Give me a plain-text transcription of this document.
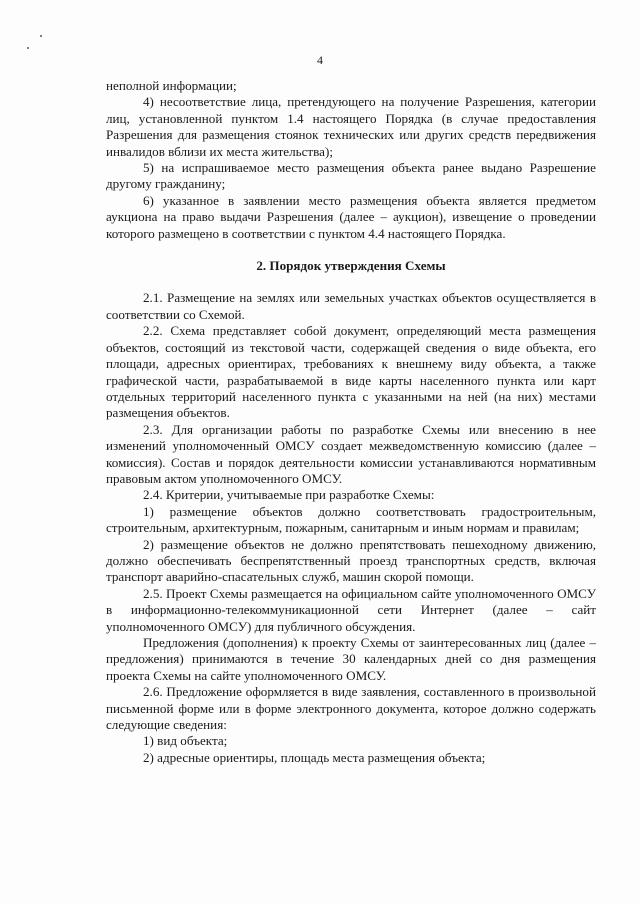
4

неполной информации;

4) несоответствие лица, претендующего на получение Разрешения, категории лиц, установленной пунктом 1.4 настоящего Порядка (в случае предоставления Разрешения для размещения стоянок технических или других средств передвижения инвалидов вблизи их места жительства);

5) на испрашиваемое место размещения объекта ранее выдано Разрешение другому гражданину;

6) указанное в заявлении место размещения объекта является предметом аукциона на право выдачи Разрешения (далее – аукцион), извещение о проведении которого размещено в соответствии с пунктом 4.4 настоящего Порядка.

2. Порядок утверждения Схемы

2.1. Размещение на землях или земельных участках объектов осуществляется в соответствии со Схемой.

2.2. Схема представляет собой документ, определяющий места размещения объектов, состоящий из текстовой части, содержащей сведения о виде объекта, его площади, адресных ориентирах, требованиях к внешнему виду объекта, а также графической части, разрабатываемой в виде карты населенного пункта или карт отдельных территорий населенного пункта с указанными на ней (на них) местами размещения объектов.

2.3. Для организации работы по разработке Схемы или внесению в нее изменений уполномоченный ОМСУ создает межведомственную комиссию (далее – комиссия). Состав и порядок деятельности комиссии устанавливаются нормативным правовым актом уполномоченного ОМСУ.

2.4. Критерии, учитываемые при разработке Схемы:

1) размещение объектов должно соответствовать градостроительным, строительным, архитектурным, пожарным, санитарным и иным нормам и правилам;

2) размещение объектов не должно препятствовать пешеходному движению, должно обеспечивать беспрепятственный проезд транспортных средств, включая транспорт аварийно-спасательных служб, машин скорой помощи.

2.5. Проект Схемы размещается на официальном сайте уполномоченного ОМСУ в информационно-телекоммуникационной сети Интернет (далее – сайт уполномоченного ОМСУ) для публичного обсуждения.

Предложения (дополнения) к проекту Схемы от заинтересованных лиц (далее – предложения) принимаются в течение 30 календарных дней со дня размещения проекта Схемы на сайте уполномоченного ОМСУ.

2.6. Предложение оформляется в виде заявления, составленного в произвольной письменной форме или в форме электронного документа, которое должно содержать следующие сведения:

1) вид объекта;

2) адресные ориентиры, площадь места размещения объекта;
